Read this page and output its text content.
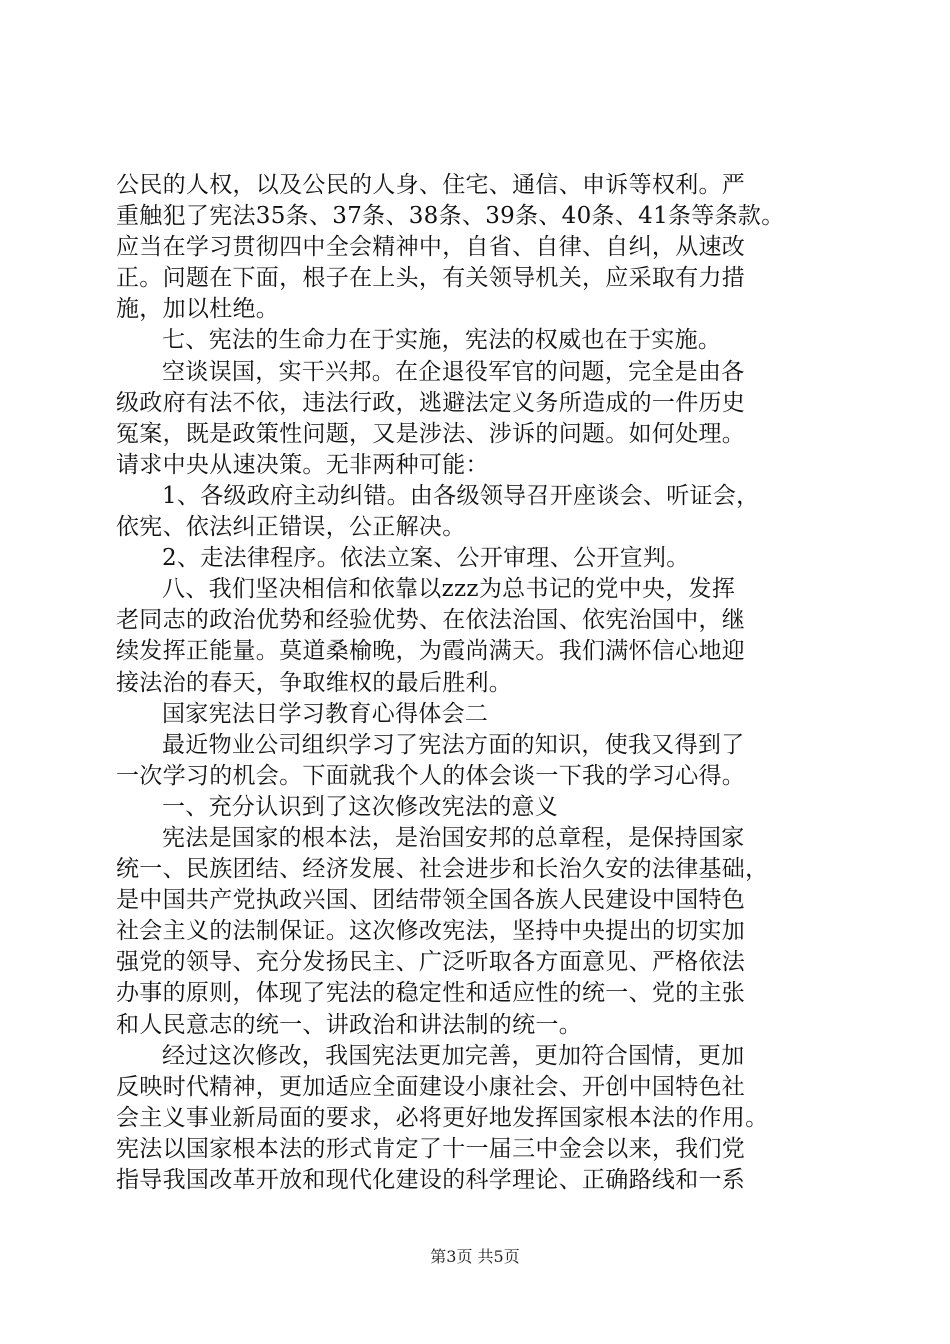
公民的人权，以及公民的人身、住宅、通信、申诉等权利。严
重触犯了宪法35条、37条、38条、39条、40条、41条等条款。
应当在学习贯彻四中全会精神中，自省、自律、自纠，从速改
正。问题在下面，根子在上头，有关领导机关，应采取有力措
施，加以杜绝。
七、宪法的生命力在于实施，宪法的权威也在于实施。
空谈误国，实干兴邦。在企退役军官的问题，完全是由各
级政府有法不依，违法行政，逃避法定义务所造成的一件历史
冤案，既是政策性问题，又是涉法、涉诉的问题。如何处理。
请求中央从速决策。无非两种可能：
1、各级政府主动纠错。由各级领导召开座谈会、听证会，
依宪、依法纠正错误，公正解决。
2、走法律程序。依法立案、公开审理、公开宣判。
八、我们坚决相信和依靠以zzz为总书记的党中央，发挥
老同志的政治优势和经验优势、在依法治国、依宪治国中，继
续发挥正能量。莫道桑榆晚，为霞尚满天。我们满怀信心地迎
接法治的春天，争取维权的最后胜利。
国家宪法日学习教育心得体会二
最近物业公司组织学习了宪法方面的知识，使我又得到了
一次学习的机会。下面就我个人的体会谈一下我的学习心得。
一、充分认识到了这次修改宪法的意义
宪法是国家的根本法，是治国安邦的总章程，是保持国家
统一、民族团结、经济发展、社会进步和长治久安的法律基础，
是中国共产党执政兴国、团结带领全国各族人民建设中国特色
社会主义的法制保证。这次修改宪法，坚持中央提出的切实加
强党的领导、充分发扬民主、广泛听取各方面意见、严格依法
办事的原则，体现了宪法的稳定性和适应性的统一、党的主张
和人民意志的统一、讲政治和讲法制的统一。
经过这次修改，我国宪法更加完善，更加符合国情，更加
反映时代精神，更加适应全面建设小康社会、开创中国特色社
会主义事业新局面的要求，必将更好地发挥国家根本法的作用。
宪法以国家根本法的形式肯定了十一届三中金会以来，我们党
指导我国改革开放和现代化建设的科学理论、正确路线和一系
第3页 共5页
